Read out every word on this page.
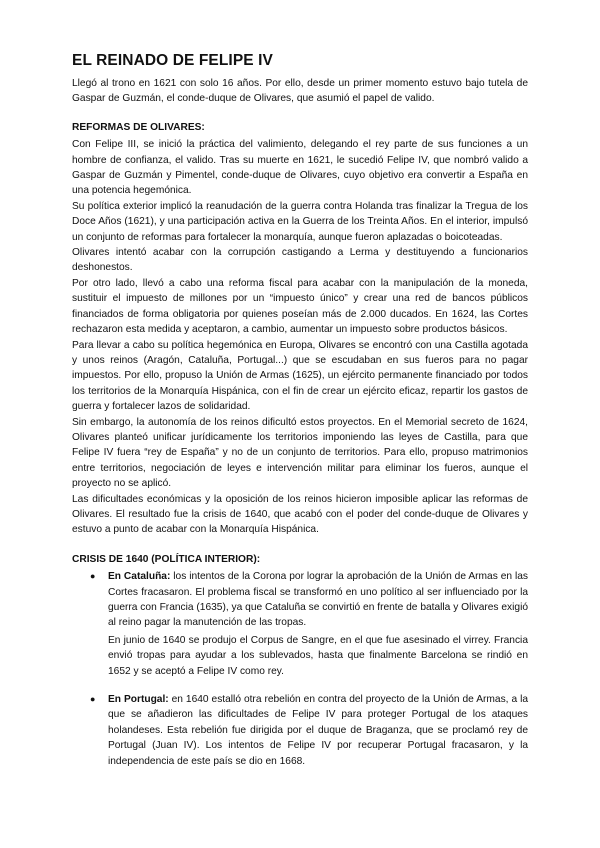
EL REINADO DE FELIPE IV

Llegó al trono en 1621 con solo 16 años. Por ello, desde un primer momento estuvo bajo tutela de Gaspar de Guzmán, el conde-duque de Olivares, que asumió el papel de valido.

REFORMAS DE OLIVARES:

Con Felipe III, se inició la práctica del valimiento, delegando el rey parte de sus funciones a un hombre de confianza, el valido. Tras su muerte en 1621, le sucedió Felipe IV, que nombró valido a Gaspar de Guzmán y Pimentel, conde-duque de Olivares, cuyo objetivo era convertir a España en una potencia hegemónica.

Su política exterior implicó la reanudación de la guerra contra Holanda tras finalizar la Tregua de los Doce Años (1621), y una participación activa en la Guerra de los Treinta Años. En el interior, impulsó un conjunto de reformas para fortalecer la monarquía, aunque fueron aplazadas o boicoteadas.

Olivares intentó acabar con la corrupción castigando a Lerma y destituyendo a funcionarios deshonestos.

Por otro lado, llevó a cabo una reforma fiscal para acabar con la manipulación de la moneda, sustituir el impuesto de millones por un “impuesto único” y crear una red de bancos públicos financiados de forma obligatoria por quienes poseían más de 2.000 ducados. En 1624, las Cortes rechazaron esta medida y aceptaron, a cambio, aumentar un impuesto sobre productos básicos.

Para llevar a cabo su política hegemónica en Europa, Olivares se encontró con una Castilla agotada y unos reinos (Aragón, Cataluña, Portugal...) que se escudaban en sus fueros para no pagar impuestos. Por ello, propuso la Unión de Armas (1625), un ejército permanente financiado por todos los territorios de la Monarquía Hispánica, con el fin de crear un ejército eficaz, repartir los gastos de guerra y fortalecer lazos de solidaridad.

Sin embargo, la autonomía de los reinos dificultó estos proyectos. En el Memorial secreto de 1624, Olivares planteó unificar jurídicamente los territorios imponiendo las leyes de Castilla, para que Felipe IV fuera “rey de España” y no de un conjunto de territorios. Para ello, propuso matrimonios entre territorios, negociación de leyes e intervención militar para eliminar los fueros, aunque el proyecto no se aplicó.

Las dificultades económicas y la oposición de los reinos hicieron imposible aplicar las reformas de Olivares. El resultado fue la crisis de 1640, que acabó con el poder del conde-duque de Olivares y estuvo a punto de acabar con la Monarquía Hispánica.

CRISIS DE 1640 (POLÍTICA INTERIOR):
● En Cataluña: los intentos de la Corona por lograr la aprobación de la Unión de Armas en las Cortes fracasaron. El problema fiscal se transformó en uno político al ser influenciado por la guerra con Francia (1635), ya que Cataluña se convirtió en frente de batalla y Olivares exigió al reino pagar la manutención de las tropas.

En junio de 1640 se produjo el Corpus de Sangre, en el que fue asesinado el virrey. Francia envió tropas para ayudar a los sublevados, hasta que finalmente Barcelona se rindió en 1652 y se aceptó a Felipe IV como rey.

● En Portugal: en 1640 estalló otra rebelión en contra del proyecto de la Unión de Armas, a la que se añadieron las dificultades de Felipe IV para proteger Portugal de los ataques holandeses. Esta rebelión fue dirigida por el duque de Braganza, que se proclamó rey de Portugal (Juan IV). Los intentos de Felipe IV por recuperar Portugal fracasaron, y la independencia de este país se dio en 1668.
